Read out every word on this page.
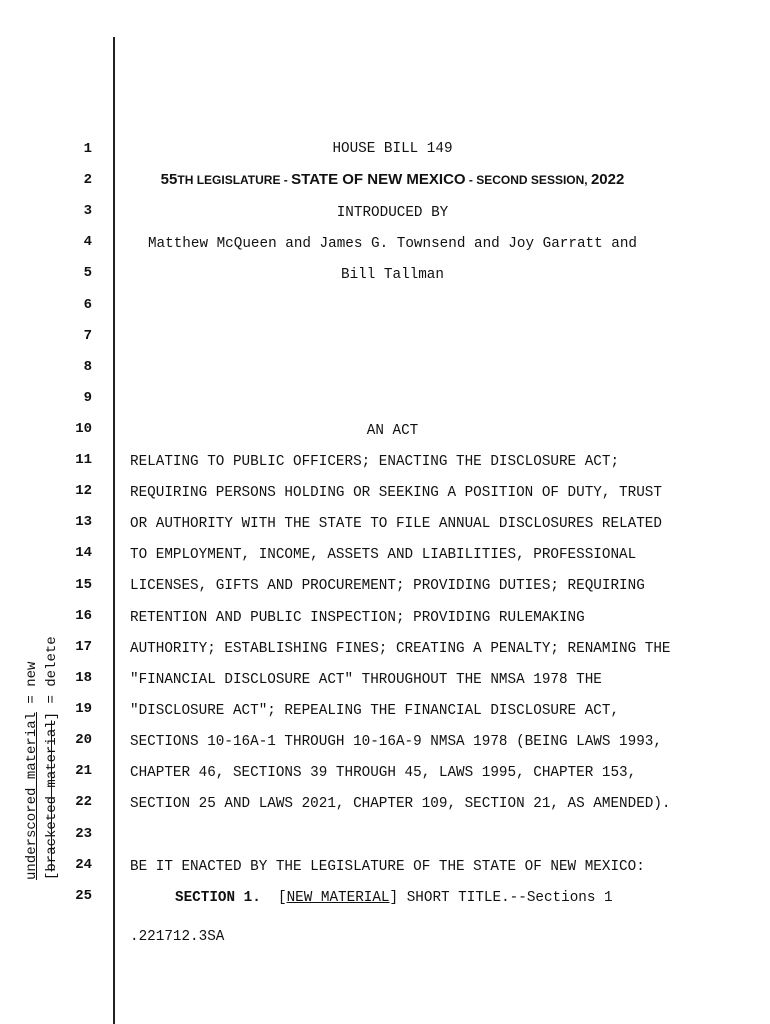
1
2
3
4
5
6
7
8
9
10
11
12
13
14
15
16
17
18
19
20
21
22
23
24
25
HOUSE BILL 149
55TH LEGISLATURE - STATE OF NEW MEXICO - SECOND SESSION, 2022
INTRODUCED BY
Matthew McQueen and James G. Townsend and Joy Garratt and
Bill Tallman
AN ACT
RELATING TO PUBLIC OFFICERS; ENACTING THE DISCLOSURE ACT;
REQUIRING PERSONS HOLDING OR SEEKING A POSITION OF DUTY, TRUST
OR AUTHORITY WITH THE STATE TO FILE ANNUAL DISCLOSURES RELATED
TO EMPLOYMENT, INCOME, ASSETS AND LIABILITIES, PROFESSIONAL
LICENSES, GIFTS AND PROCUREMENT; PROVIDING DUTIES; REQUIRING
RETENTION AND PUBLIC INSPECTION; PROVIDING RULEMAKING
AUTHORITY; ESTABLISHING FINES; CREATING A PENALTY; RENAMING THE
"FINANCIAL DISCLOSURE ACT" THROUGHOUT THE NMSA 1978 THE
"DISCLOSURE ACT"; REPEALING THE FINANCIAL DISCLOSURE ACT,
SECTIONS 10-16A-1 THROUGH 10-16A-9 NMSA 1978 (BEING LAWS 1993,
CHAPTER 46, SECTIONS 39 THROUGH 45, LAWS 1995, CHAPTER 153,
SECTION 25 AND LAWS 2021, CHAPTER 109, SECTION 21, AS AMENDED).
BE IT ENACTED BY THE LEGISLATURE OF THE STATE OF NEW MEXICO:
SECTION 1. [NEW MATERIAL] SHORT TITLE.--Sections 1
.221712.3SA
underscored material = new
[bracketed material] = delete
